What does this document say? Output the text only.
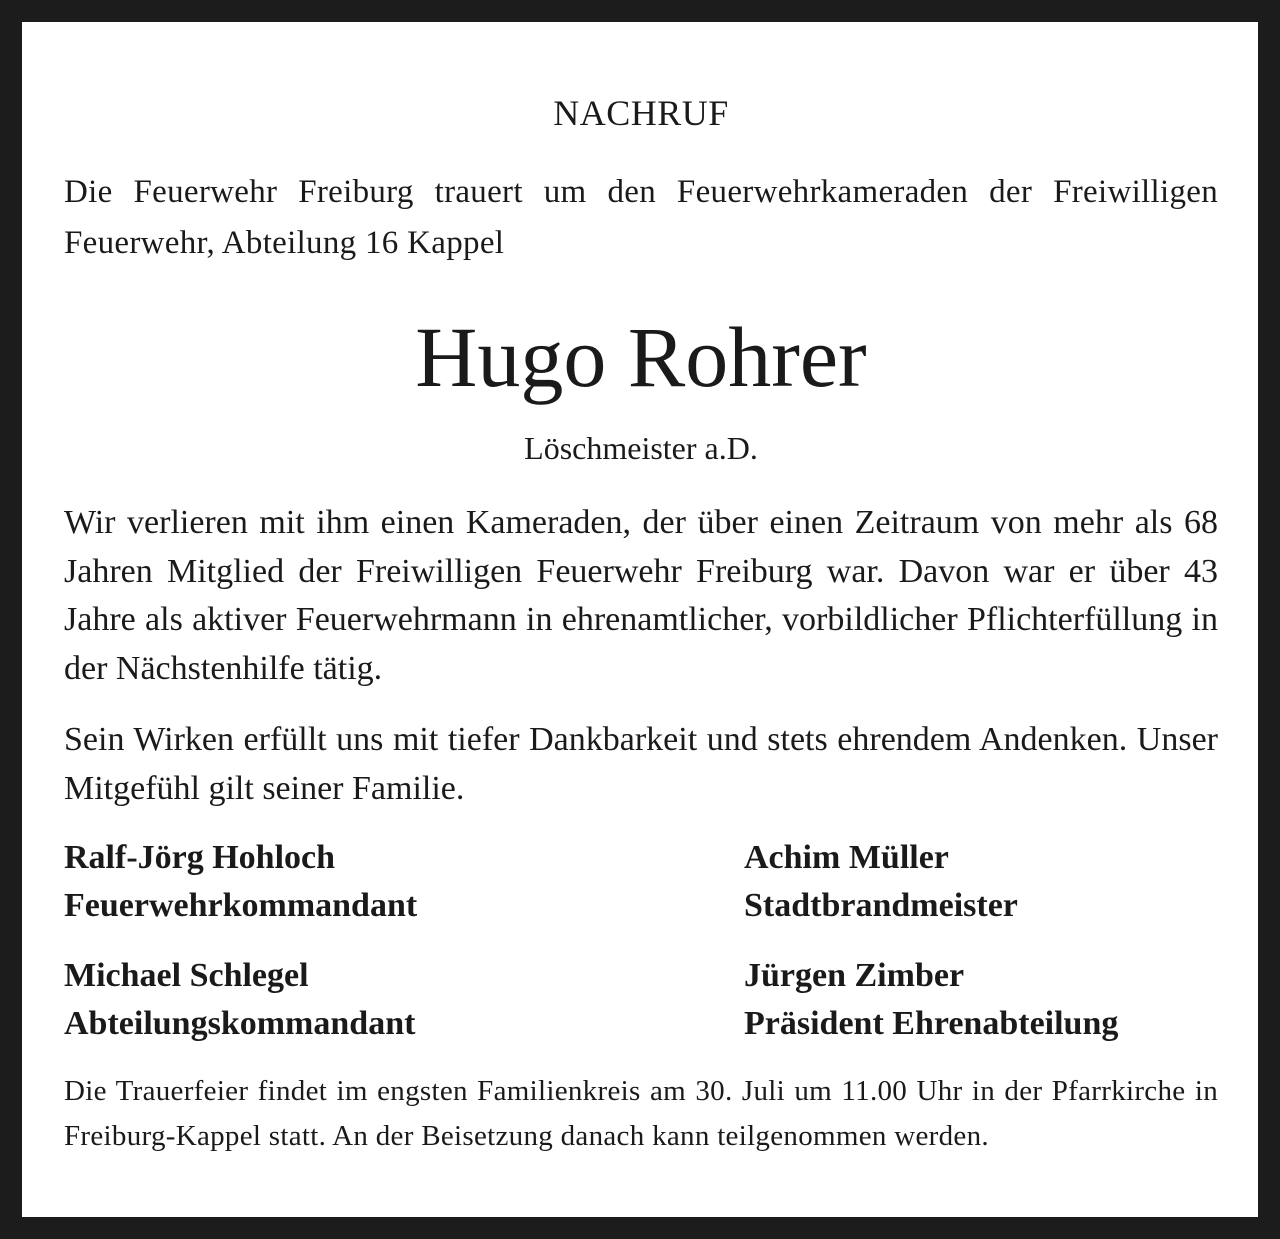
NACHRUF
Die Feuerwehr Freiburg trauert um den Feuerwehrkameraden der Freiwilligen Feuerwehr, Abteilung 16 Kappel
Hugo Rohrer
Löschmeister a.D.
Wir verlieren mit ihm einen Kameraden, der über einen Zeitraum von mehr als 68 Jahren Mitglied der Freiwilligen Feuerwehr Freiburg war. Davon war er über 43 Jahre als aktiver Feuerwehrmann in ehrenamtlicher, vorbildlicher Pflichterfüllung in der Nächstenhilfe tätig.
Sein Wirken erfüllt uns mit tiefer Dankbarkeit und stets ehrendem Andenken. Unser Mitgefühl gilt seiner Familie.
Ralf-Jörg Hohloch
Feuerwehrkommandant
Achim Müller
Stadtbrandmeister
Michael Schlegel
Abteilungskommandant
Jürgen Zimber
Präsident Ehrenabteilung
Die Trauerfeier findet im engsten Familienkreis am 30. Juli um 11.00 Uhr in der Pfarrkirche in Freiburg-Kappel statt. An der Beisetzung danach kann teilgenommen werden.
